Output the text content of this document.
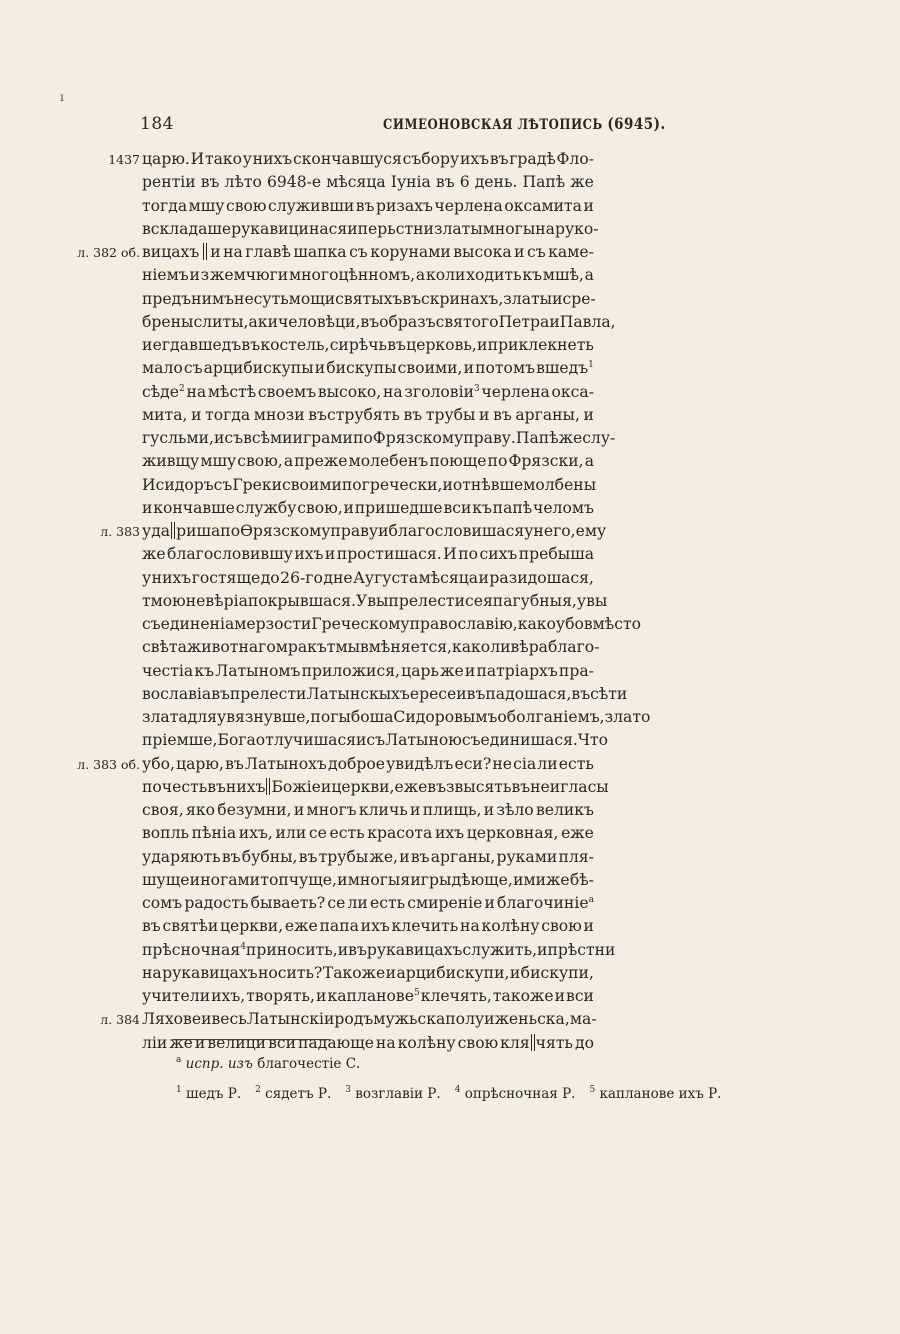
ı
184	СИМЕОНОВСКАЯ ЛѢТОПИСЬ (6945).
1437
л. 382 об.
л. 383
л. 383 об.
л. 384
царю. И тако у нихъ скончавшуся събору ихъ въ градѣ Фло-
рентіи въ лѣто 6948-е мѣсяца Іуніа въ 6 день. Папѣ же
тогда мшу свою служивши въ ризахъ черлена оксамита и
вскладаше рукавици на ся и перьстни златы многы на руко-
вицахъ и на главѣ шапка съ корунами высока и съ камe-
ніемъ и з жемчюги многоцѣнномъ, а коли ходить къ мшѣ, а
предъ нимъ несуть мощи святыхъ въ скринахъ, златы и сре-
брены слиты, аки человѣци, въ образъ святого Петра и Павла,
и егда вшедъ въ костель, сирѣчь въ церковь, и приклекнеть
мало съ арцибискупы и бискупы своими, и потомъ вшедъ$^1$
сѣде$^2$ на мѣстѣ своемъ высоко, на зголовіи$^3$ черлена окса-
мита, и тогда мнози въструбять въ трубы и въ арганы, и
гусльми, и съ всѣми играми по Фрязскому праву. Папѣ же слу-
живщу мшу свою, а преже молебенъ поюще по Фрязски, а
Исидоръ съ Греки своими по гречески, и отнѣвше молбены
и кончавше службу свою, и пришедше вси къ папѣ челомъ
уда риша по Ѳрязскому праву и благословишася у него, ему
же благословившу ихъ и простишася. И по сихъ пребыша
у нихъ гостяще до 26-го дне Аугуста мѣсяца и разидошася,
тмою невѣріа покрывшася. Увы прелести сея пагубныя, увы
съединеніа мерзости Греческому православію, како убо вмѣсто
свѣта животнаго мракъ тмы вмѣняется, како ли вѣра благо-
честіа къ Латыномъ приложися, царь же и патріархъ пра-
вославіа въ прелести Латынскыхъ ересеи въпадошася, въ сѣти
злата для увязнувше, погыбоша Сидоровымъ оболганіемъ, злато
пріемше, Бога отлучишася и съ Латынoю съединишася. Что
убо, царю, въ Латынохъ доброе увидѣлъ еси? не сіа ли есть
почесть въ нихъ Божіеи церкви, еже възвысять въ неи гласы
своя, яко безумни, и многъ кличь и плищь, и зѣло великъ
вопль пѣніа ихъ, или се есть красота ихъ церковная, еже
ударяють въ бубны, въ трубы же, и въ арганы, руками пля-
шуще и ногами топчуще, и многыя игры дѣюще, имиже бѣ-
сомъ радость бываеть? се ли есть смиреніе и благочиніе$^а$
въ святѣи церкви, еже папа ихъ клечить на колѣну свою и
прѣсночная$^4$ приносить, и въ рукавицахъ служить, и прѣстни
на рукавицахъ носить? Такоже и арцибискупи, и бискупи,
учители ихъ, творять, и капланове$^5$ клечять, такоже и вси
Ляхове и весь Латынскіи родъ мужьска полу и женьска, ма-
ліи же и велици вси падающе на колѣну свою кля чять до
$^а$ испр. изъ благочестіе С.
$^1$ шедъ Р. $^2$ сядетъ Р. $^3$ возглавіи Р. $^4$ опрѣсночная Р. $^5$ капланове ихъ Р.
